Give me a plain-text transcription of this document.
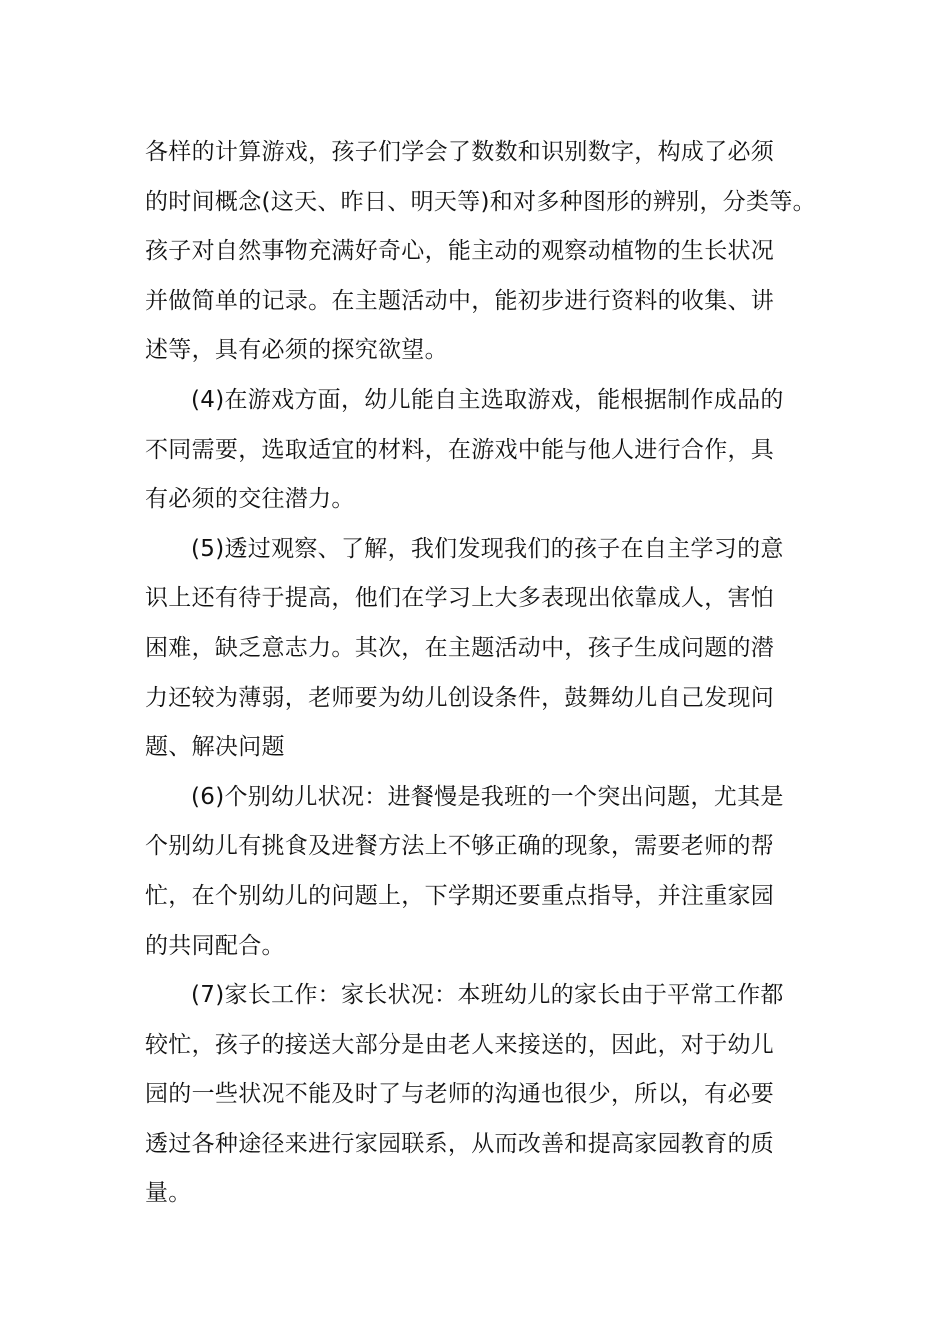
各样的计算游戏，孩子们学会了数数和识别数字，构成了必须
的时间概念(这天、昨日、明天等)和对多种图形的辨别，分类等。
孩子对自然事物充满好奇心，能主动的观察动植物的生长状况
并做简单的记录。在主题活动中，能初步进行资料的收集、讲
述等，具有必须的探究欲望。
(4)在游戏方面，幼儿能自主选取游戏，能根据制作成品的
不同需要，选取适宜的材料，在游戏中能与他人进行合作，具
有必须的交往潜力。
(5)透过观察、了解，我们发现我们的孩子在自主学习的意
识上还有待于提高，他们在学习上大多表现出依靠成人，害怕
困难，缺乏意志力。其次，在主题活动中，孩子生成问题的潜
力还较为薄弱，老师要为幼儿创设条件，鼓舞幼儿自己发现问
题、解决问题
(6)个别幼儿状况：进餐慢是我班的一个突出问题，尤其是
个别幼儿有挑食及进餐方法上不够正确的现象，需要老师的帮
忙，在个别幼儿的问题上，下学期还要重点指导，并注重家园
的共同配合。
(7)家长工作：家长状况：本班幼儿的家长由于平常工作都
较忙，孩子的接送大部分是由老人来接送的，因此，对于幼儿
园的一些状况不能及时了与老师的沟通也很少，所以，有必要
透过各种途径来进行家园联系，从而改善和提高家园教育的质
量。
